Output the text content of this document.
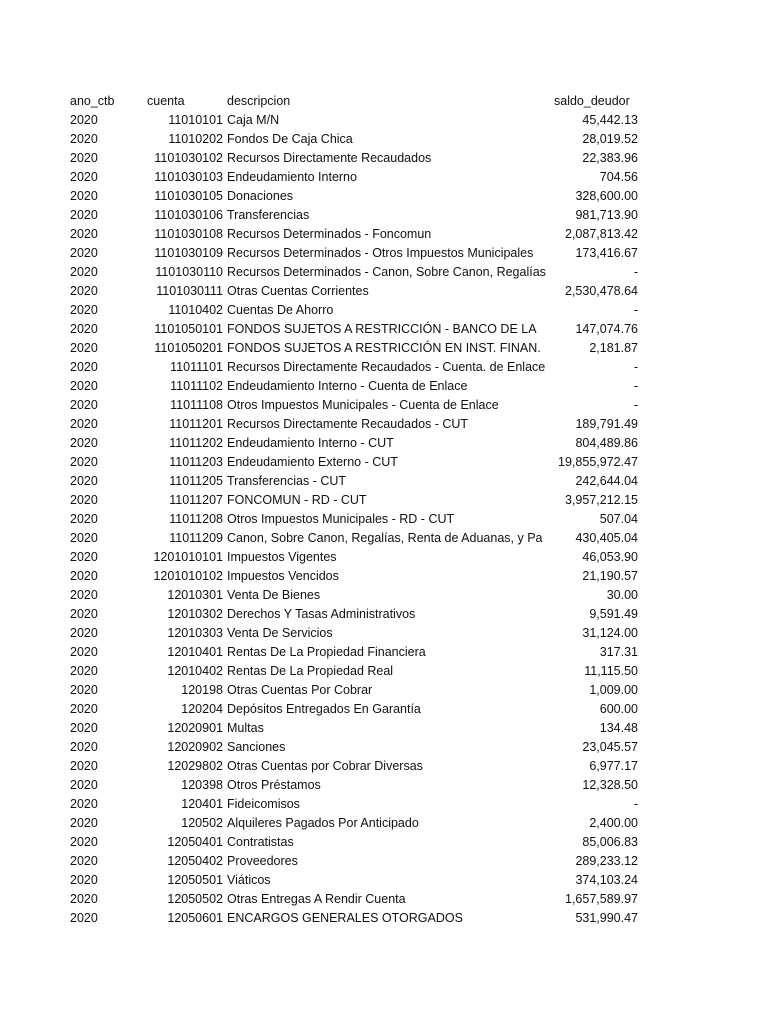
ano_ctb	cuenta	descripcion	saldo_deudor
2020	11010101 Caja M/N	45,442.13
2020	11010202 Fondos De Caja Chica	28,019.52
2020	1101030102 Recursos Directamente Recaudados	22,383.96
2020	1101030103 Endeudamiento Interno	704.56
2020	1101030105 Donaciones	328,600.00
2020	1101030106 Transferencias	981,713.90
2020	1101030108 Recursos Determinados - Foncomun	2,087,813.42
2020	1101030109 Recursos Determinados - Otros Impuestos Municipales	173,416.67
2020	1101030110 Recursos Determinados - Canon, Sobre Canon, Regalías	-
2020	1101030111 Otras Cuentas Corrientes	2,530,478.64
2020	11010402 Cuentas De Ahorro	-
2020	1101050101 FONDOS SUJETOS A RESTRICCIÓN - BANCO DE LA	147,074.76
2020	1101050201 FONDOS SUJETOS A RESTRICCIÓN EN INST. FINAN.	2,181.87
2020	11011101 Recursos Directamente Recaudados - Cuenta. de Enlace	-
2020	11011102 Endeudamiento Interno - Cuenta de Enlace	-
2020	11011108 Otros Impuestos Municipales - Cuenta de Enlace	-
2020	11011201 Recursos Directamente Recaudados - CUT	189,791.49
2020	11011202 Endeudamiento Interno - CUT	804,489.86
2020	11011203 Endeudamiento Externo - CUT	19,855,972.47
2020	11011205 Transferencias - CUT	242,644.04
2020	11011207 FONCOMUN - RD - CUT	3,957,212.15
2020	11011208 Otros Impuestos Municipales - RD - CUT	507.04
2020	11011209 Canon, Sobre Canon, Regalías, Renta de Aduanas, y Pa	430,405.04
2020	1201010101 Impuestos Vigentes	46,053.90
2020	1201010102 Impuestos Vencidos	21,190.57
2020	12010301 Venta De Bienes	30.00
2020	12010302 Derechos Y Tasas Administrativos	9,591.49
2020	12010303 Venta De Servicios	31,124.00
2020	12010401 Rentas De La Propiedad Financiera	317.31
2020	12010402 Rentas De La Propiedad Real	11,115.50
2020	120198 Otras Cuentas Por Cobrar	1,009.00
2020	120204 Depósitos Entregados En Garantía	600.00
2020	12020901 Multas	134.48
2020	12020902 Sanciones	23,045.57
2020	12029802 Otras Cuentas por Cobrar Diversas	6,977.17
2020	120398 Otros Préstamos	12,328.50
2020	120401 Fideicomisos	-
2020	120502 Alquileres Pagados Por Anticipado	2,400.00
2020	12050401 Contratistas	85,006.83
2020	12050402 Proveedores	289,233.12
2020	12050501 Viáticos	374,103.24
2020	12050502 Otras Entregas A Rendir Cuenta	1,657,589.97
2020	12050601 ENCARGOS GENERALES OTORGADOS	531,990.47
